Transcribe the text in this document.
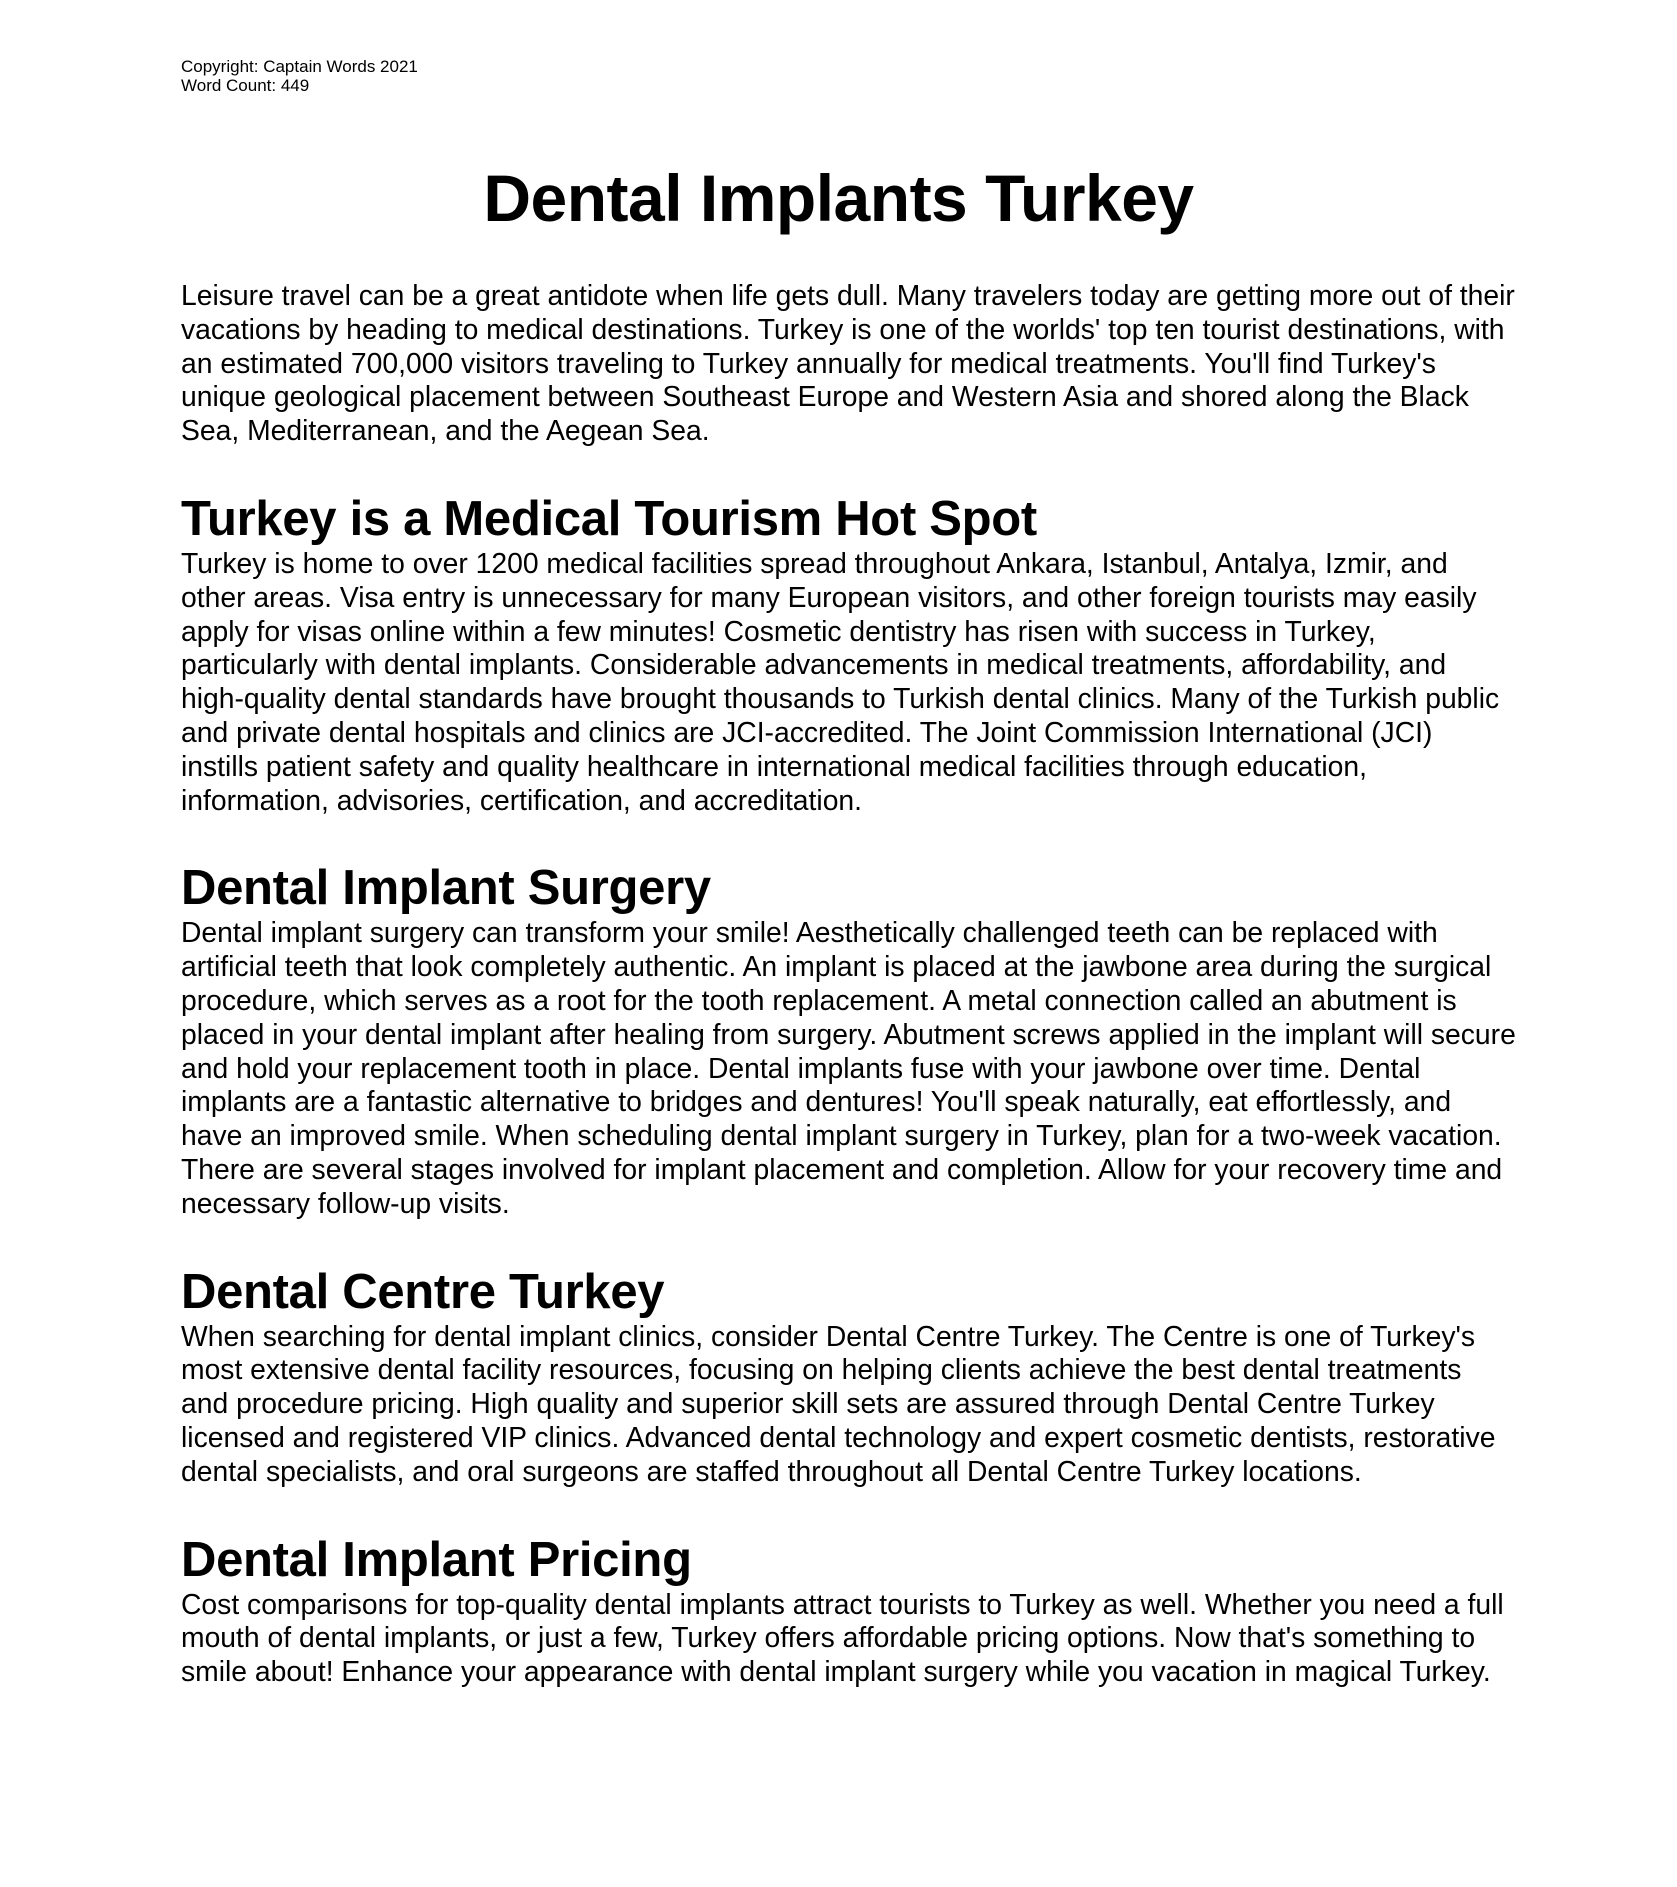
Copyright: Captain Words 2021
Word Count: 449
Dental Implants Turkey

Leisure travel can be a great antidote when life gets dull. Many travelers today are getting more out of their vacations by heading to medical destinations. Turkey is one of the worlds' top ten tourist destinations, with an estimated 700,000 visitors traveling to Turkey annually for medical treatments. You'll find Turkey's unique geological placement between Southeast Europe and Western Asia and shored along the Black Sea, Mediterranean, and the Aegean Sea.

Turkey is a Medical Tourism Hot Spot

Turkey is home to over 1200 medical facilities spread throughout Ankara, Istanbul, Antalya, Izmir, and other areas. Visa entry is unnecessary for many European visitors, and other foreign tourists may easily apply for visas online within a few minutes! Cosmetic dentistry has risen with success in Turkey, particularly with dental implants. Considerable advancements in medical treatments, affordability, and high-quality dental standards have brought thousands to Turkish dental clinics. Many of the Turkish public and private dental hospitals and clinics are JCI-accredited. The Joint Commission International (JCI) instills patient safety and quality healthcare in international medical facilities through education, information, advisories, certification, and accreditation.

Dental Implant Surgery

Dental implant surgery can transform your smile! Aesthetically challenged teeth can be replaced with artificial teeth that look completely authentic. An implant is placed at the jawbone area during the surgical procedure, which serves as a root for the tooth replacement. A metal connection called an abutment is placed in your dental implant after healing from surgery. Abutment screws applied in the implant will secure and hold your replacement tooth in place. Dental implants fuse with your jawbone over time. Dental implants are a fantastic alternative to bridges and dentures! You'll speak naturally, eat effortlessly, and have an improved smile. When scheduling dental implant surgery in Turkey, plan for a two-week vacation. There are several stages involved for implant placement and completion. Allow for your recovery time and necessary follow-up visits.

Dental Centre Turkey

When searching for dental implant clinics, consider Dental Centre Turkey. The Centre is one of Turkey's most extensive dental facility resources, focusing on helping clients achieve the best dental treatments and procedure pricing. High quality and superior skill sets are assured through Dental Centre Turkey licensed and registered VIP clinics. Advanced dental technology and expert cosmetic dentists, restorative dental specialists, and oral surgeons are staffed throughout all Dental Centre Turkey locations.

Dental Implant Pricing

Cost comparisons for top-quality dental implants attract tourists to Turkey as well. Whether you need a full mouth of dental implants, or just a few, Turkey offers affordable pricing options. Now that's something to smile about! Enhance your appearance with dental implant surgery while you vacation in magical Turkey.
